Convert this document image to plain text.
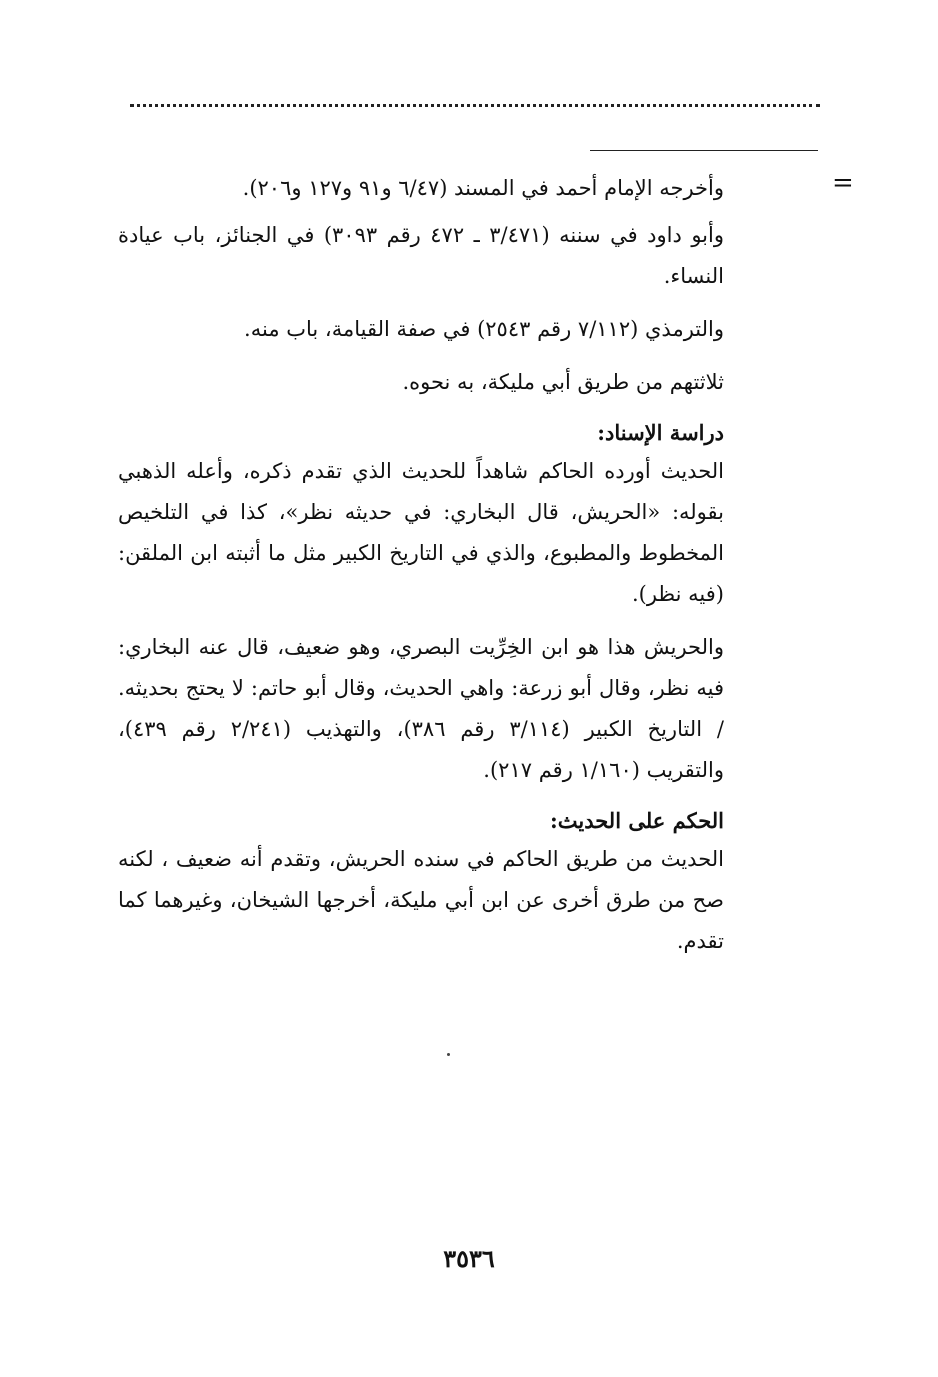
=

وأخرجه الإمام أحمد في المسند (٦/٤٧ و٩١ و١٢٧ و٢٠٦).

وأبو داود في سننه (٣/٤٧١ ـ ٤٧٢ رقم ٣٠٩٣) في الجنائز، باب عيادة النساء.

والترمذي (٧/١١٢ رقم ٢٥٤٣) في صفة القيامة، باب منه.

ثلاثتهم من طريق أبي مليكة، به نحوه.

دراسة الإسناد:

الحديث أورده الحاكم شاهداً للحديث الذي تقدم ذكره، وأعله الذهبي بقوله: «الحريش، قال البخاري: في حديثه نظر»، كذا في التلخيص المخطوط والمطبوع، والذي في التاريخ الكبير مثل ما أثبته ابن الملقن: (فيه نظر).

والحريش هذا هو ابن الخِرِّيت البصري، وهو ضعيف، قال عنه البخاري: فيه نظر، وقال أبو زرعة: واهي الحديث، وقال أبو حاتم: لا يحتج بحديثه. / التاريخ الكبير (٣/١١٤ رقم ٣٨٦)، والتهذيب (٢/٢٤١ رقم ٤٣٩)، والتقريب (١/١٦٠ رقم ٢١٧).

الحكم على الحديث:

الحديث من طريق الحاكم في سنده الحريش، وتقدم أنه ضعيف ، لكنه صح من طرق أخرى عن ابن أبي مليكة، أخرجها الشيخان، وغيرهما كما تقدم.

٣٥٣٦
